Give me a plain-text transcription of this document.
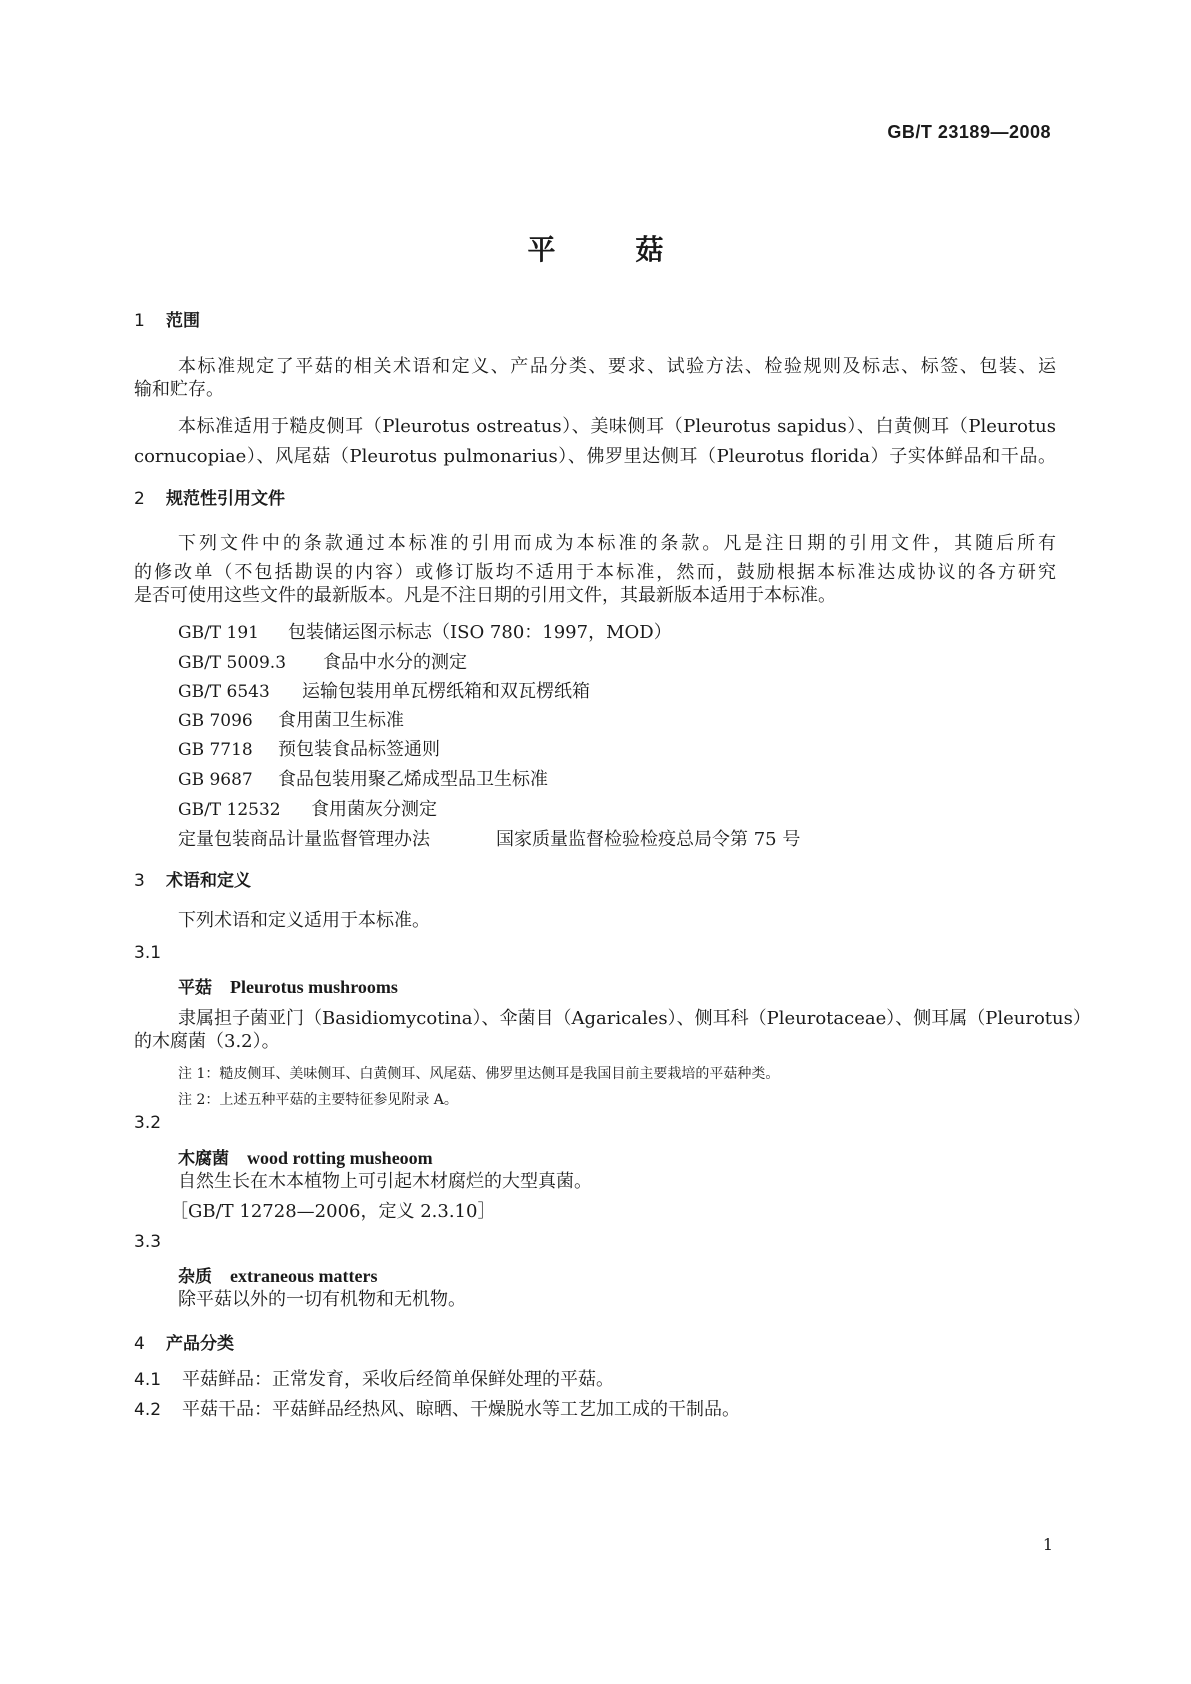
GB/T 23189—2008
平菇
1 范围
本标准规定了平菇的相关术语和定义、产品分类、要求、试验方法、检验规则及标志、标签、包装、运
输和贮存。
本标准适用于糙皮侧耳（Pleurotus ostreatus）、美味侧耳（Pleurotus sapidus）、白黄侧耳（Pleurotus
cornucopiae）、风尾菇（Pleurotus pulmonarius）、佛罗里达侧耳（Pleurotus florida）子实体鲜品和干品。
2 规范性引用文件
下列文件中的条款通过本标准的引用而成为本标准的条款。凡是注日期的引用文件，其随后所有
的修改单（不包括勘误的内容）或修订版均不适用于本标准，然而，鼓励根据本标准达成协议的各方研究
是否可使用这些文件的最新版本。凡是不注日期的引用文件，其最新版本适用于本标准。
GB/T 191 包装储运图示标志（ISO 780：1997，MOD）
GB/T 5009.3 食品中水分的测定
GB/T 6543 运输包装用单瓦楞纸箱和双瓦楞纸箱
GB 7096 食用菌卫生标准
GB 7718 预包装食品标签通则
GB 9687 食品包装用聚乙烯成型品卫生标准
GB/T 12532 食用菌灰分测定
定量包装商品计量监督管理办法	国家质量监督检验检疫总局令第 75 号
3 术语和定义
下列术语和定义适用于本标准。
3.1
平菇 Pleurotus mushrooms
隶属担子菌亚门（Basidiomycotina）、伞菌目（Agaricales）、侧耳科（Pleurotaceae）、侧耳属（Pleurotus）
的木腐菌（3.2）。
注 1：糙皮侧耳、美味侧耳、白黄侧耳、风尾菇、佛罗里达侧耳是我国目前主要栽培的平菇种类。
注 2：上述五种平菇的主要特征参见附录 A。
3.2
木腐菌 wood rotting musheoom
自然生长在木本植物上可引起木材腐烂的大型真菌。
［GB/T 12728—2006，定义 2.3.10］
3.3
杂质 extraneous matters
除平菇以外的一切有机物和无机物。
4 产品分类
4.1 平菇鲜品：正常发育，采收后经简单保鲜处理的平菇。
4.2 平菇干品：平菇鲜品经热风、晾晒、干燥脱水等工艺加工成的干制品。
1
